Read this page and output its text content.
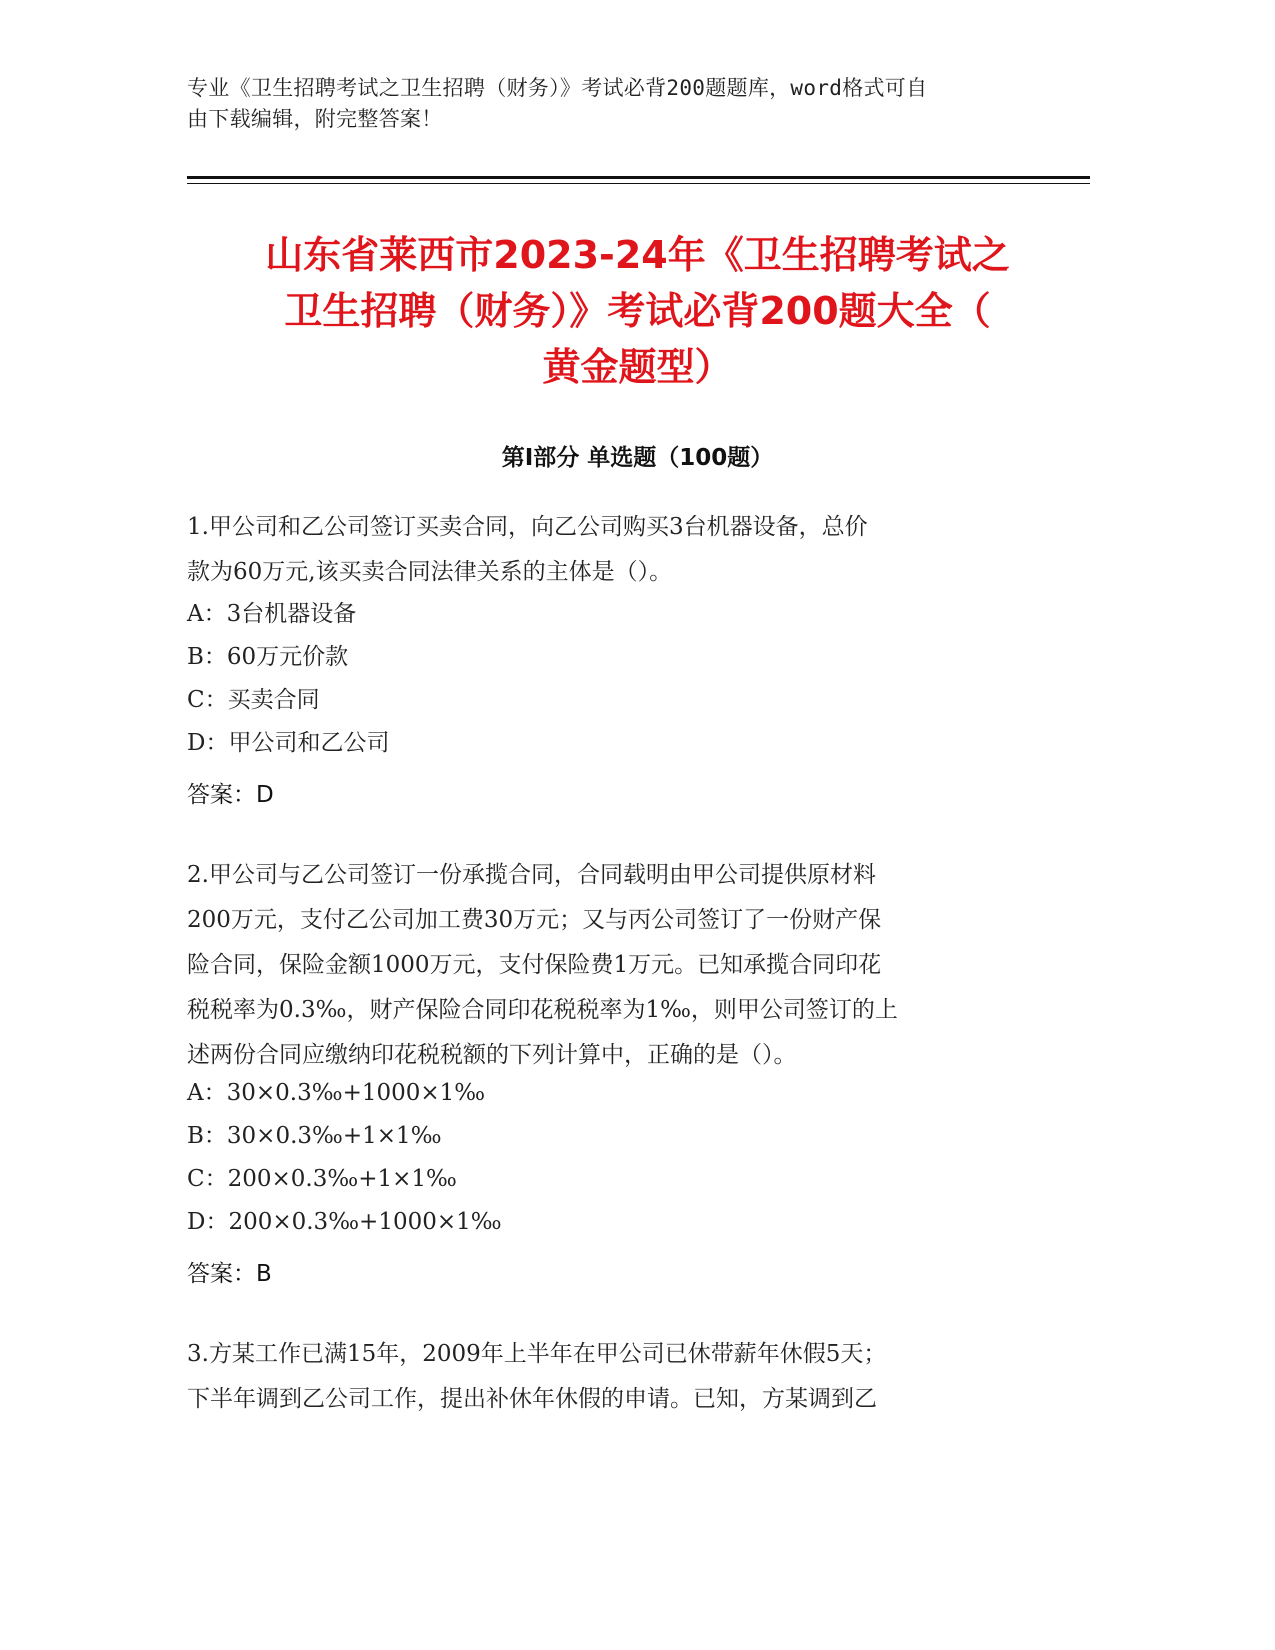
专业《卫生招聘考试之卫生招聘（财务）》考试必背200题题库，word格式可自
由下载编辑，附完整答案！
山东省莱西市2023-24年《卫生招聘考试之
卫生招聘（财务）》考试必背200题大全（
黄金题型）
第I部分 单选题（100题）
1.甲公司和乙公司签订买卖合同，向乙公司购买3台机器设备，总价
款为60万元,该买卖合同法律关系的主体是（）。
A：3台机器设备
B：60万元价款
C：买卖合同
D：甲公司和乙公司
答案：D
2.甲公司与乙公司签订一份承揽合同，合同载明由甲公司提供原材料
200万元，支付乙公司加工费30万元；又与丙公司签订了一份财产保
险合同，保险金额1000万元，支付保险费1万元。已知承揽合同印花
税税率为0.3‰，财产保险合同印花税税率为1‰，则甲公司签订的上
述两份合同应缴纳印花税税额的下列计算中，正确的是（）。
A：30×0.3‰+1000×1‰
B：30×0.3‰+1×1‰
C：200×0.3‰+1×1‰
D：200×0.3‰+1000×1‰
答案：B
3.方某工作已满15年，2009年上半年在甲公司已休带薪年休假5天；
下半年调到乙公司工作，提出补休年休假的申请。已知，方某调到乙
